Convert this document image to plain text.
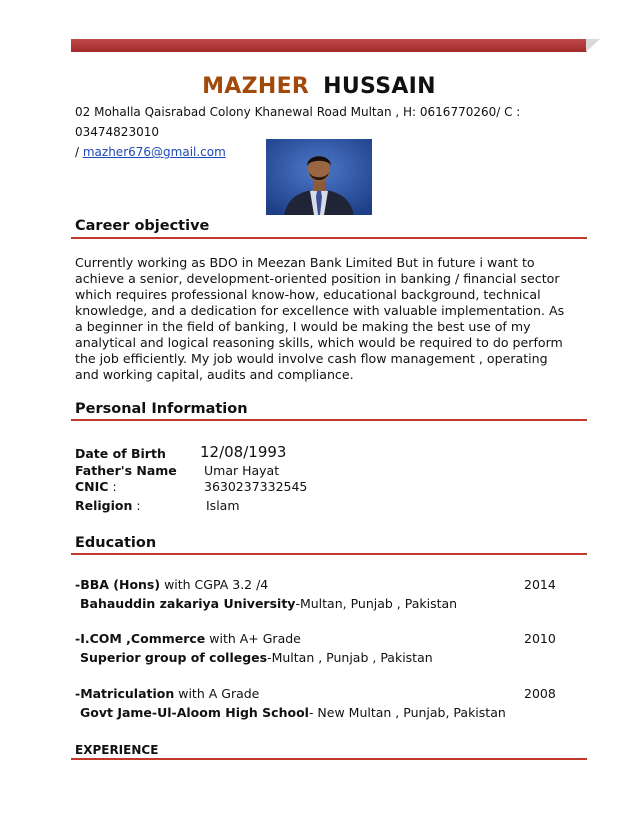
MAZHER HUSSAIN
02 Mohalla Qaisrabad Colony Khanewal Road Multan , H: 0616770260/ C : 03474823010
/ mazher676@gmail.com
Career objective
Currently working as BDO in Meezan Bank Limited But in future i want to achieve a senior, development-oriented position in banking / financial sector which requires professional know-how, educational background, technical knowledge, and a dedication for excellence with valuable implementation. As a beginner in the field of banking, I would be making the best use of my analytical and logical reasoning skills, which would be required to do perform the job efficiently. My job would involve cash flow management , operating and working capital, audits and compliance.
Personal Information
Date of Birth 12/08/1993
Father's Name Umar Hayat
CNIC :	3630237332545
Religion :	Islam
Education
-BBA (Hons) with CGPA 3.2 /4	2014
Bahauddin zakariya University-Multan, Punjab , Pakistan
-I.COM ,Commerce with A+ Grade	2010
Superior group of colleges-Multan , Punjab , Pakistan
-Matriculation with A Grade	2008
Govt Jame-Ul-Aloom High School- New Multan , Punjab, Pakistan
EXPERIENCE
